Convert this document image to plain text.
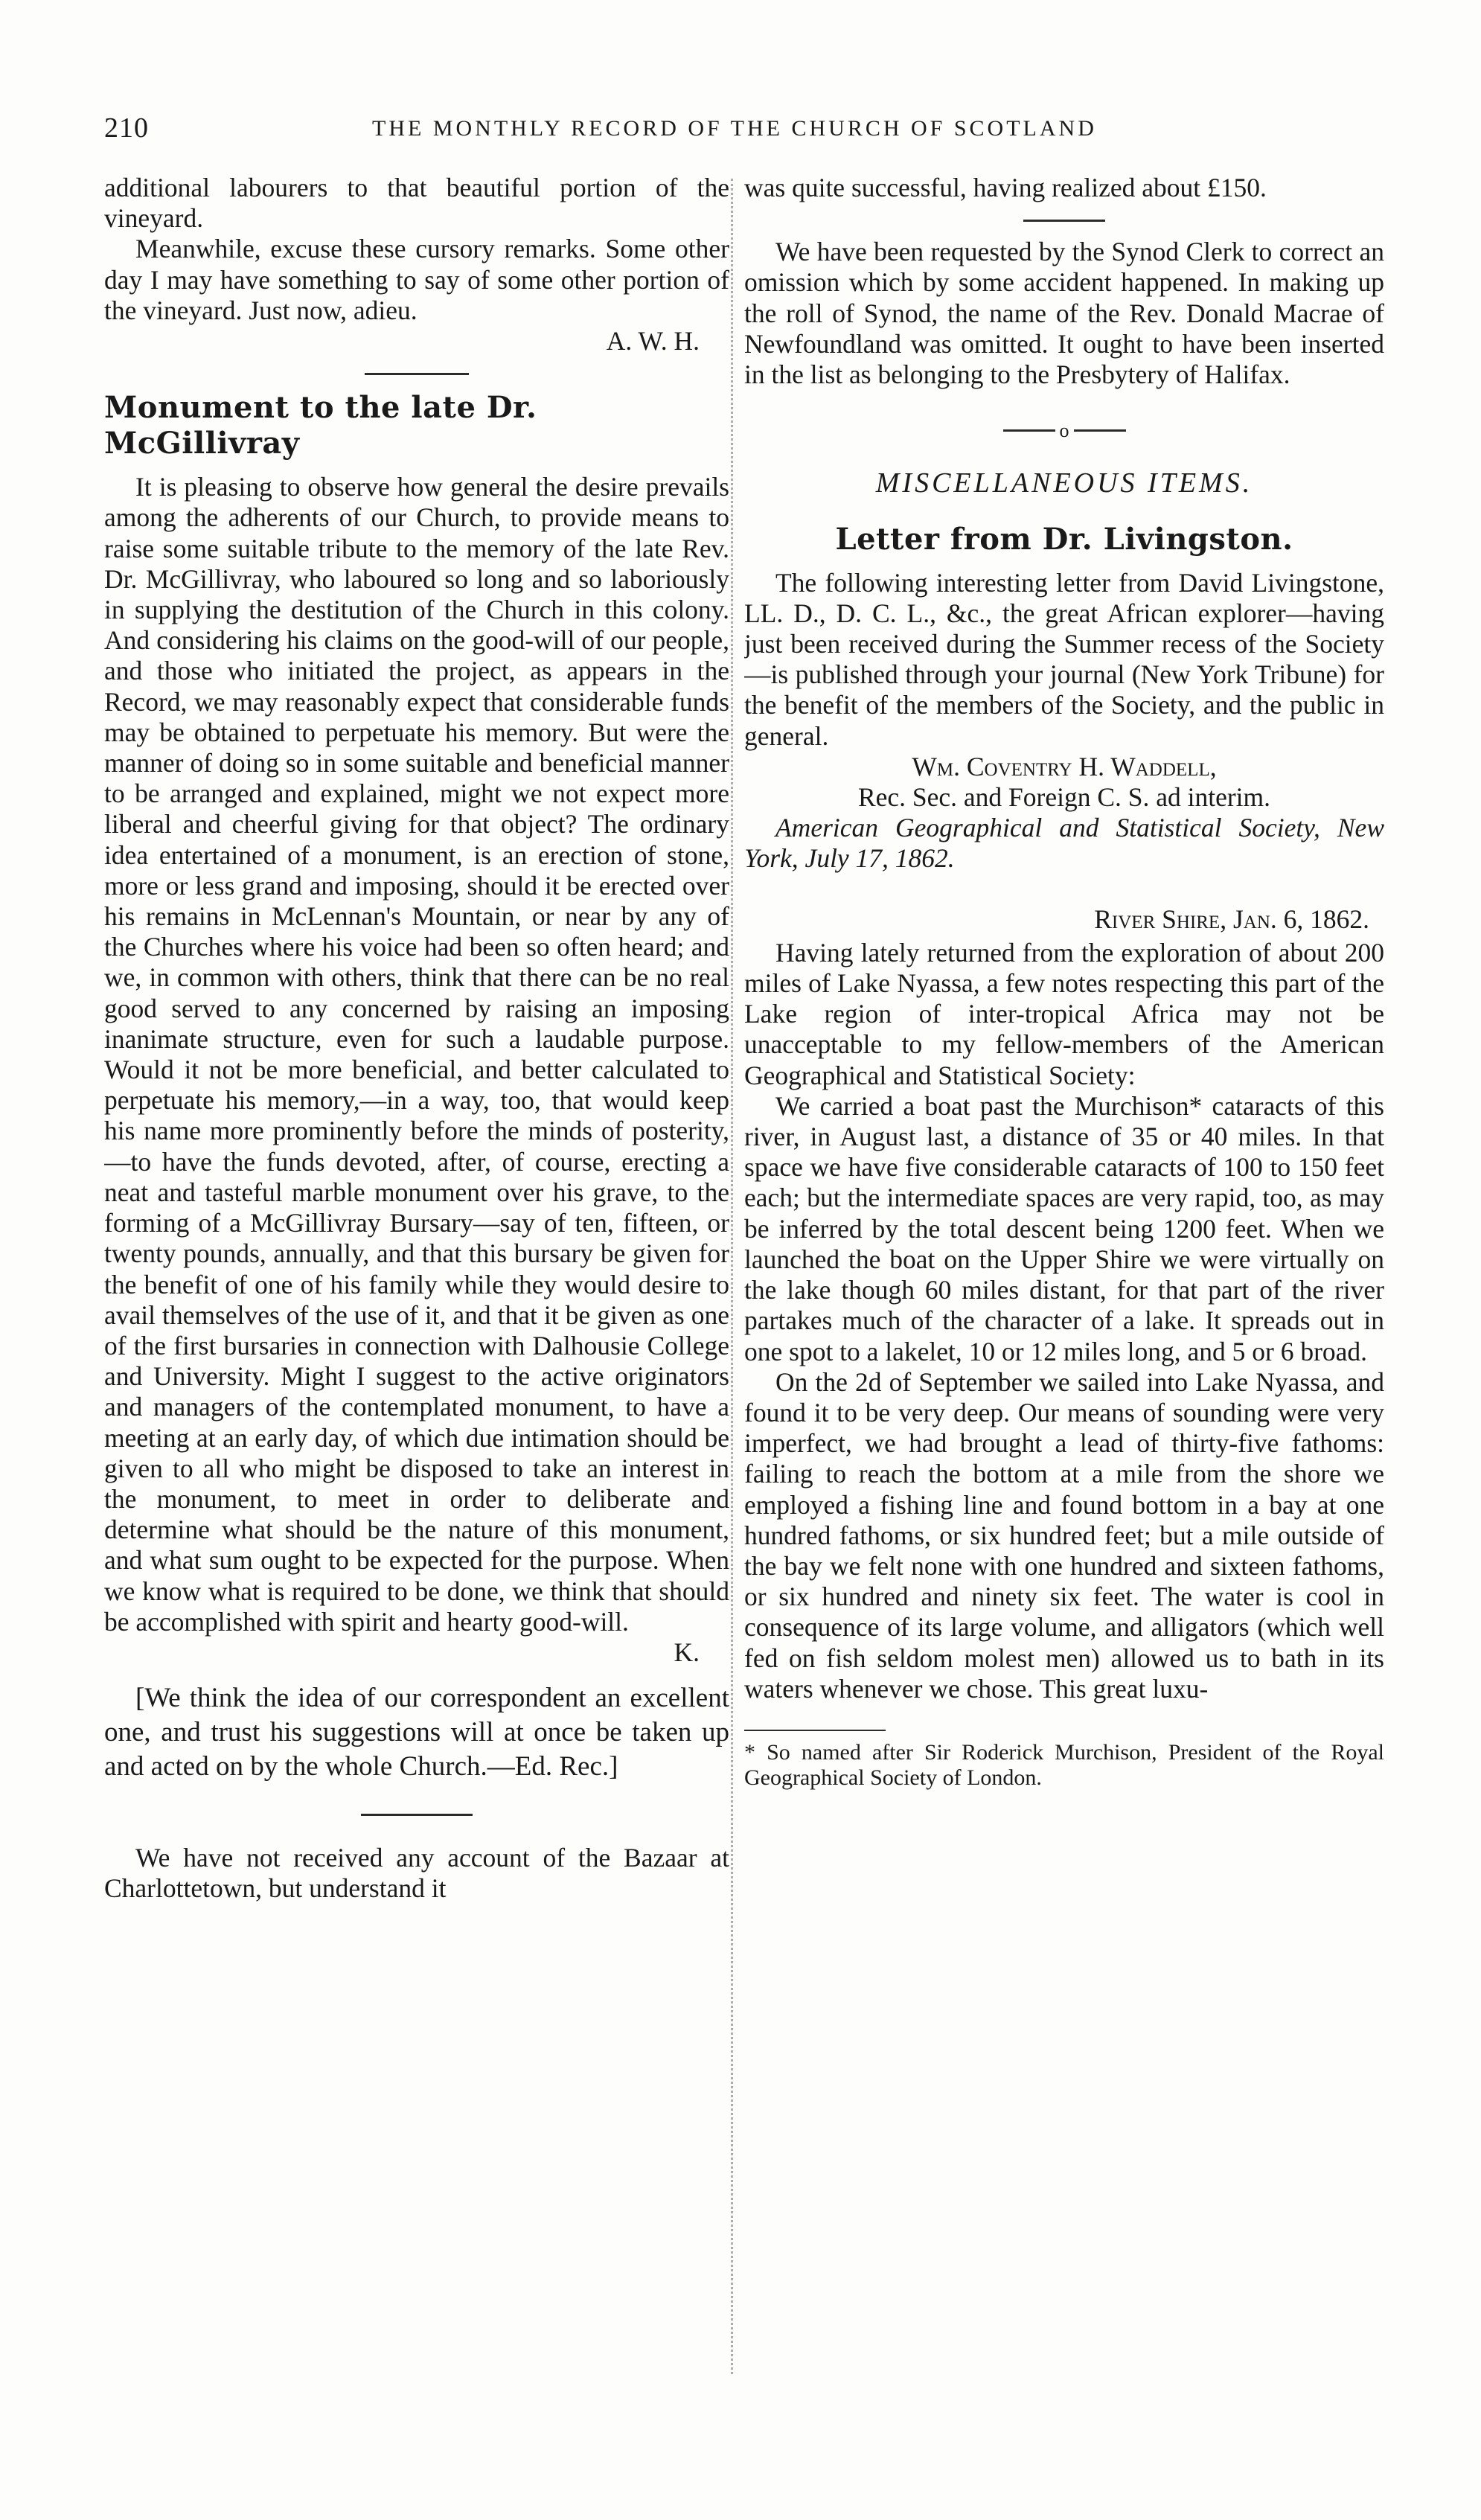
210	THE MONTHLY RECORD OF THE CHURCH OF SCOTLAND

additional labourers to that beautiful portion of the vineyard.

Meanwhile, excuse these cursory remarks. Some other day I may have something to say of some other portion of the vineyard. Just now, adieu.

A. W. H.
Monument to the late Dr. McGillivray

It is pleasing to observe how general the desire prevails among the adherents of our Church, to provide means to raise some suitable tribute to the memory of the late Rev. Dr. McGillivray, who laboured so long and so laboriously in supplying the destitution of the Church in this colony. And considering his claims on the good-will of our people, and those who initiated the project, as appears in the Record, we may reasonably expect that considerable funds may be obtained to perpetuate his memory. But were the manner of doing so in some suitable and beneficial manner to be arranged and explained, might we not expect more liberal and cheerful giving for that object? The ordinary idea entertained of a monument, is an erection of stone, more or less grand and imposing, should it be erected over his remains in McLennan's Mountain, or near by any of the Churches where his voice had been so often heard; and we, in common with others, think that there can be no real good served to any concerned by raising an imposing inanimate structure, even for such a laudable purpose. Would it not be more beneficial, and better calculated to perpetuate his memory,—in a way, too, that would keep his name more prominently before the minds of posterity,—to have the funds devoted, after, of course, erecting a neat and tasteful marble monument over his grave, to the forming of a McGillivray Bursary—say of ten, fifteen, or twenty pounds, annually, and that this bursary be given for the benefit of one of his family while they would desire to avail themselves of the use of it, and that it be given as one of the first bursaries in connection with Dalhousie College and University. Might I suggest to the active originators and managers of the contemplated monument, to have a meeting at an early day, of which due intimation should be given to all who might be disposed to take an interest in the monument, to meet in order to deliberate and determine what should be the nature of this monument, and what sum ought to be expected for the purpose. When we know what is required to be done, we think that should be accomplished with spirit and hearty good-will.

K.

[We think the idea of our correspondent an excellent one, and trust his suggestions will at once be taken up and acted on by the whole Church.—Ed. Rec.]

We have not received any account of the Bazaar at Charlottetown, but understand it

was quite successful, having realized about £150.

We have been requested by the Synod Clerk to correct an omission which by some accident happened. In making up the roll of Synod, the name of the Rev. Donald Macrae of Newfoundland was omitted. It ought to have been inserted in the list as belonging to the Presbytery of Halifax.

o
MISCELLANEOUS ITEMS.
Letter from Dr. Livingston.

The following interesting letter from David Livingstone, LL. D., D. C. L., &c., the great African explorer—having just been received during the Summer recess of the Society—is published through your journal (New York Tribune) for the benefit of the members of the Society, and the public in general.

Wm. Coventry H. Waddell,

Rec. Sec. and Foreign C. S. ad interim.

American Geographical and Statistical Society, New York, July 17, 1862.

River Shire, Jan. 6, 1862.

Having lately returned from the exploration of about 200 miles of Lake Nyassa, a few notes respecting this part of the Lake region of inter-tropical Africa may not be unacceptable to my fellow-members of the American Geographical and Statistical Society:

We carried a boat past the Murchison* cataracts of this river, in August last, a distance of 35 or 40 miles. In that space we have five considerable cataracts of 100 to 150 feet each; but the intermediate spaces are very rapid, too, as may be inferred by the total descent being 1200 feet. When we launched the boat on the Upper Shire we were virtually on the lake though 60 miles distant, for that part of the river partakes much of the character of a lake. It spreads out in one spot to a lakelet, 10 or 12 miles long, and 5 or 6 broad.

On the 2d of September we sailed into Lake Nyassa, and found it to be very deep. Our means of sounding were very imperfect, we had brought a lead of thirty-five fathoms: failing to reach the bottom at a mile from the shore we employed a fishing line and found bottom in a bay at one hundred fathoms, or six hundred feet; but a mile outside of the bay we felt none with one hundred and sixteen fathoms, or six hundred and ninety six feet. The water is cool in consequence of its large volume, and alligators (which well fed on fish seldom molest men) allowed us to bath in its waters whenever we chose. This great luxu-

* So named after Sir Roderick Murchison, President of the Royal Geographical Society of London.
